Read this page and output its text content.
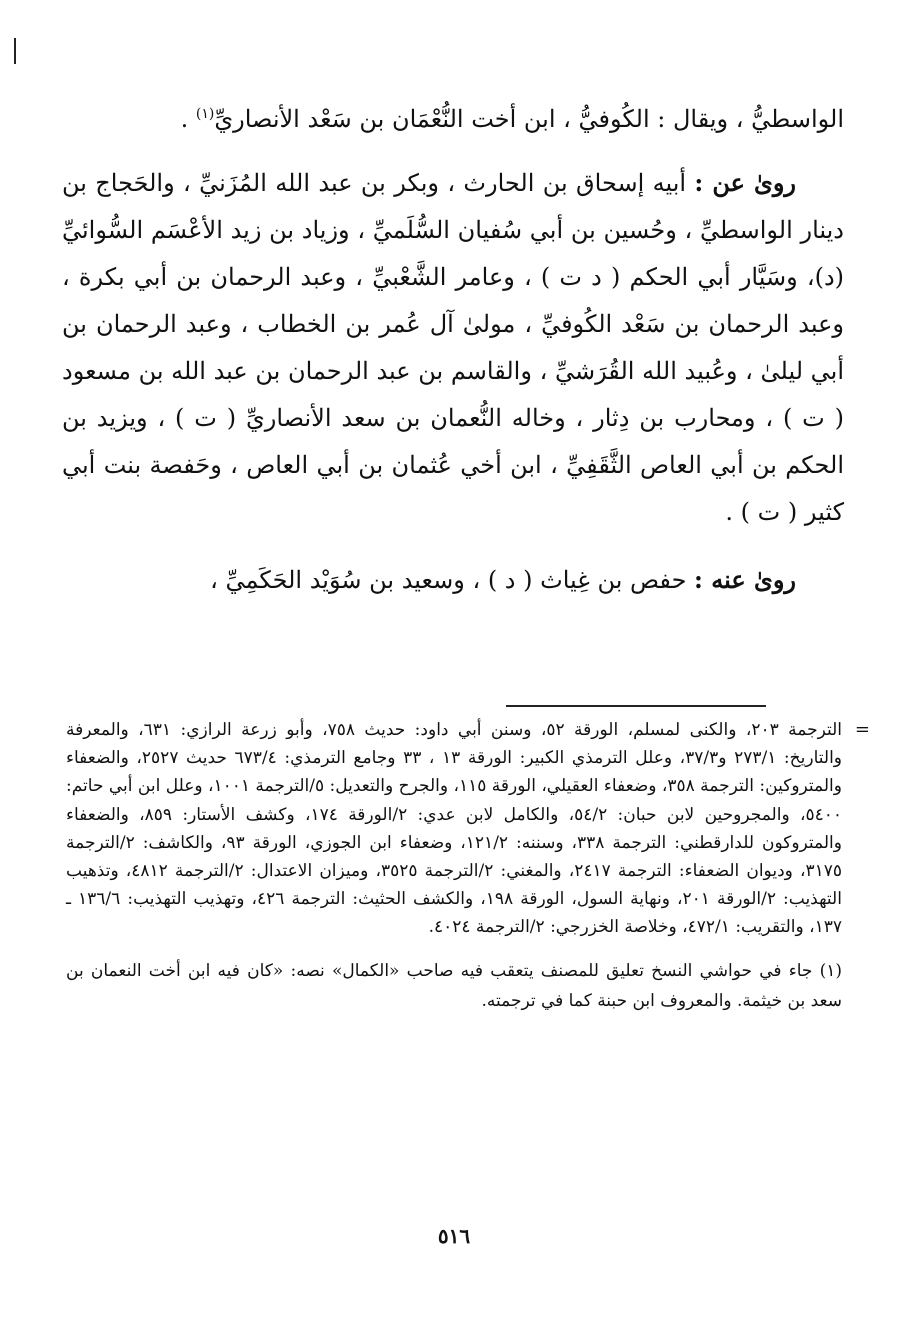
الواسطيُّ ، ويقال : الكُوفيُّ ، ابن أخت النُّعْمَان بن سَعْد الأنصاريِّ$^{(١)}$ .

روىٰ عن : أبيه إسحاق بن الحارث ، وبكر بن عبد الله المُزَنيِّ ، والحَجاج بن دينار الواسطيِّ ، وحُسين بن أبي سُفيان السُّلَميِّ ، وزياد بن زيد الأعْسَم السُّوائيِّ (د)، وسَيَّار أبي الحكم ( د ت ) ، وعامر الشَّعْبيِّ ، وعبد الرحمان بن أبي بكرة ، وعبد الرحمان بن سَعْد الكُوفيِّ ، مولىٰ آل عُمر بن الخطاب ، وعبد الرحمان بن أبي ليلىٰ ، وعُبيد الله القُرَشيِّ ، والقاسم بن عبد الرحمان بن عبد الله بن مسعود ( ت ) ، ومحارب بن دِثار ، وخاله النُّعمان بن سعد الأنصاريِّ ( ت ) ، ويزيد بن الحكم بن أبي العاص الثَّقَفِيِّ ، ابن أخي عُثمان بن أبي العاص ، وحَفصة بنت أبي كثير ( ت ) .

روىٰ عنه : حفص بن غِياث ( د ) ، وسعيد بن سُوَيْد الحَكَمِيِّ ،

=

الترجمة ٢٠٣، والكنى لمسلم، الورقة ٥٢، وسنن أبي داود: حديث ٧٥٨، وأبو زرعة الرازي: ٦٣١، والمعرفة والتاريخ: ٢٧٣/١ و٣٧/٣، وعلل الترمذي الكبير: الورقة ١٣ ، ٣٣ وجامع الترمذي: ٦٧٣/٤ حديث ٢٥٢٧، والضعفاء والمتروكين: الترجمة ٣٥٨، وضعفاء العقيلي، الورقة ١١٥، والجرح والتعديل: ٥/الترجمة ١٠٠١، وعلل ابن أبي حاتم: ٥٤٠٠، والمجروحين لابن حبان: ٥٤/٢، والكامل لابن عدي: ٢/الورقة ١٧٤، وكشف الأستار: ٨٥٩، والضعفاء والمتروكون للدارقطني: الترجمة ٣٣٨، وسننه: ١٢١/٢، وضعفاء ابن الجوزي، الورقة ٩٣، والكاشف: ٢/الترجمة ٣١٧٥، وديوان الضعفاء: الترجمة ٢٤١٧، والمغني: ٢/الترجمة ٣٥٢٥، وميزان الاعتدال: ٢/الترجمة ٤٨١٢، وتذهيب التهذيب: ٢/الورقة ٢٠١، ونهاية السول، الورقة ١٩٨، والكشف الحثيث: الترجمة ٤٢٦، وتهذيب التهذيب: ١٣٦/٦ ـ ١٣٧، والتقريب: ٤٧٢/١، وخلاصة الخزرجي: ٢/الترجمة ٤٠٢٤.

(١) جاء في حواشي النسخ تعليق للمصنف يتعقب فيه صاحب «الكمال» نصه: «كان فيه ابن أخت النعمان بن سعد بن خيثمة. والمعروف ابن حبنة كما في ترجمته.

٥١٦
